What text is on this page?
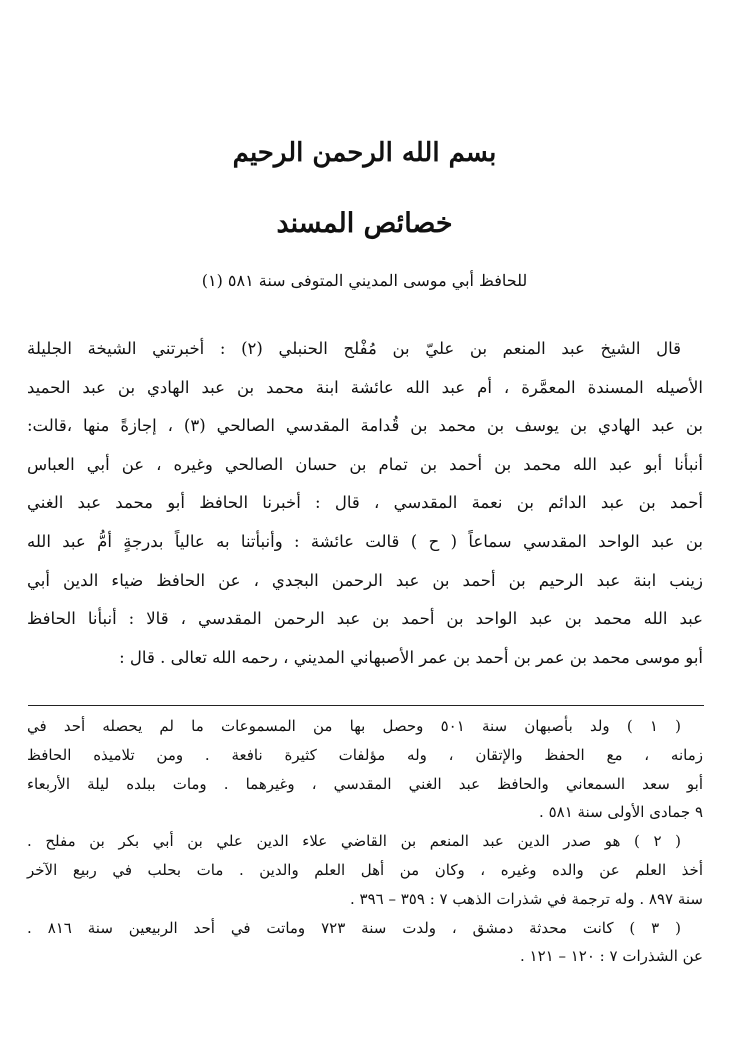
بسم الله الرحمن الرحيم
خصائص المسند
للحافظ أبي موسى المديني المتوفى سنة ٥٨١ (١)
قال الشيخ عبد المنعم بن عليّ بن مُفْلح الحنبلي (٢) : أخبرتني الشيخة الجليلة
الأصيله المسندة المعمَّرة ، أم عبد الله عائشة ابنة محمد بن عبد الهادي بن عبد الحميد
بن عبد الهادي بن يوسف بن محمد بن قُدامة المقدسي الصالحي (٣) ، إجازةً منها ،قالت:
أنبأنا أبو عبد الله محمد بن أحمد بن تمام بن حسان الصالحي وغيره ، عن أبي العباس
أحمد بن عبد الدائم بن نعمة المقدسي ، قال : أخبرنا الحافظ أبو محمد عبد الغني
بن عبد الواحد المقدسي سماعاً ( ح ) قالت عائشة : وأنبأتنا به عالياً بدرجةٍ أمُّ عبد الله
زينب ابنة عبد الرحيم بن أحمد بن عبد الرحمن البجدي ، عن الحافظ ضياء الدين أبي
عبد الله محمد بن عبد الواحد بن أحمد بن عبد الرحمن المقدسي ، قالا : أنبأنا الحافظ
أبو موسى محمد بن عمر بن أحمد بن عمر الأصبهاني المديني ، رحمه الله تعالى . قال :
( ١ ) ولد بأصبهان سنة ٥٠١ وحصل بها من المسموعات ما لم يحصله أحد في
زمانه ، مع الحفظ والإتقان ، وله مؤلفات كثيرة نافعة . ومن تلاميذه الحافظ
أبو سعد السمعاني والحافظ عبد الغني المقدسي ، وغيرهما . ومات ببلده ليلة الأربعاء
٩ جمادى الأولى سنة ٥٨١ .
( ٢ ) هو صدر الدين عبد المنعم بن القاضي علاء الدين علي بن أبي بكر بن مفلح .
أخذ العلم عن والده وغيره ، وكان من أهل العلم والدين . مات بحلب في ربيع الآخر
سنة ٨٩٧ . وله ترجمة في شذرات الذهب ٧ : ٣٥٩ – ٣٩٦ .
( ٣ ) كانت محدثة دمشق ، ولدت سنة ٧٢٣ وماتت في أحد الربيعين سنة ٨١٦ .
عن الشذرات ٧ : ١٢٠ – ١٢١ .
